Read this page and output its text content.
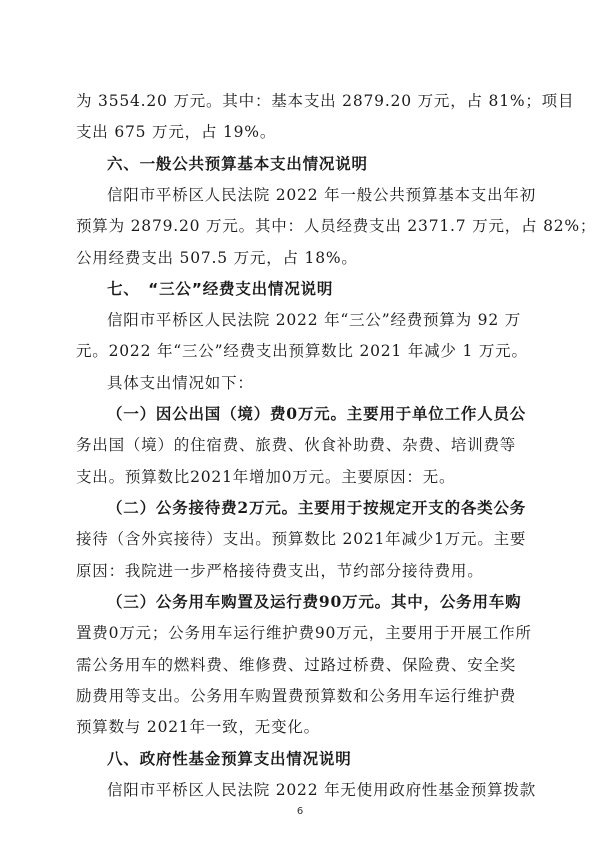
为 3554.20 万元。其中：基本支出 2879.20 万元，占 81%；项目
支出 675 万元，占 19%。
六、一般公共预算基本支出情况说明
信阳市平桥区人民法院 2022 年一般公共预算基本支出年初
预算为 2879.20 万元。其中：人员经费支出 2371.7 万元，占 82%；
公用经费支出 507.5 万元，占 18%。
七、　“三公”经费支出情况说明
信阳市平桥区人民法院 2022 年“三公”经费预算为 92 万
元。2022 年“三公”经费支出预算数比 2021 年减少 1 万元。
具体支出情况如下：
（一）因公出国（境）费0万元。主要用于单位工作人员公
务出国（境）的住宿费、旅费、伙食补助费、杂费、培训费等
支出。预算数比2021年增加0万元。主要原因：无。
（二）公务接待费2万元。主要用于按规定开支的各类公务
接待（含外宾接待）支出。预算数比 2021年减少1万元。主要
原因：我院进一步严格接待费支出，节约部分接待费用。
（三）公务用车购置及运行费90万元。其中，公务用车购
置费0万元；公务用车运行维护费90万元，主要用于开展工作所
需公务用车的燃料费、维修费、过路过桥费、保险费、安全奖
励费用等支出。公务用车购置费预算数和公务用车运行维护费
预算数与 2021年一致，无变化。
八、政府性基金预算支出情况说明
信阳市平桥区人民法院 2022 年无使用政府性基金预算拨款
6
